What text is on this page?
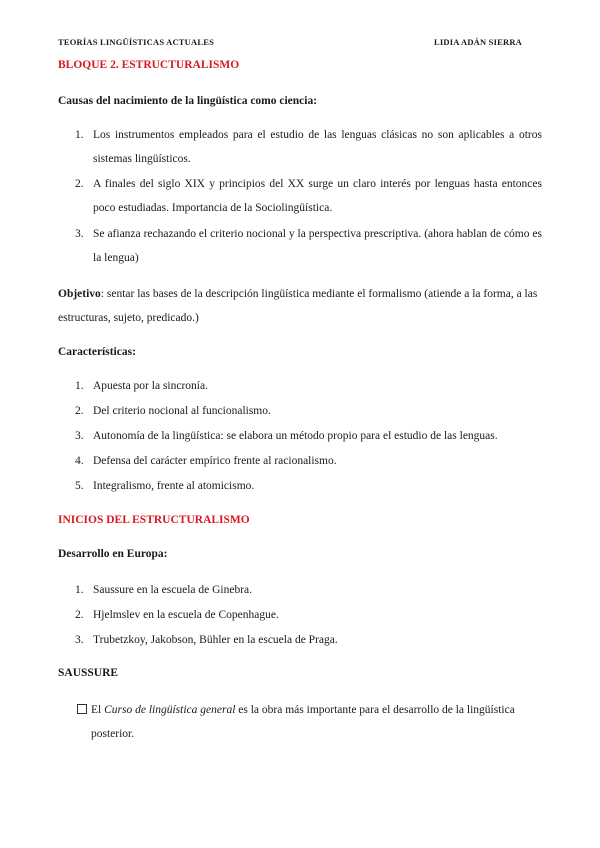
TEORÍAS LINGÜÍSTICAS ACTUALES	LIDIA ADÁN SIERRA
BLOQUE 2. ESTRUCTURALISMO
Causas del nacimiento de la lingüística como ciencia:
1. Los instrumentos empleados para el estudio de las lenguas clásicas no son aplicables a otros sistemas lingüísticos.
2. A finales del siglo XIX y principios del XX surge un claro interés por lenguas hasta entonces poco estudiadas. Importancia de la Sociolingüística.
3. Se afianza rechazando el criterio nocional y la perspectiva prescriptiva. (ahora hablan de cómo es la lengua)
Objetivo: sentar las bases de la descripción lingüística mediante el formalismo (atiende a la forma, a las estructuras, sujeto, predicado.)
Características:
1. Apuesta por la sincronía.
2. Del criterio nocional al funcionalismo.
3. Autonomía de la lingüística: se elabora un método propio para el estudio de las lenguas.
4. Defensa del carácter empírico frente al racionalismo.
5. Integralismo, frente al atomicismo.
INICIOS DEL ESTRUCTURALISMO
Desarrollo en Europa:
1. Saussure en la escuela de Ginebra.
2. Hjelmslev en la escuela de Copenhague.
3. Trubetzkoy, Jakobson, Bühler en la escuela de Praga.
SAUSSURE
El Curso de lingüística general es la obra más importante para el desarrollo de la lingüística posterior.
